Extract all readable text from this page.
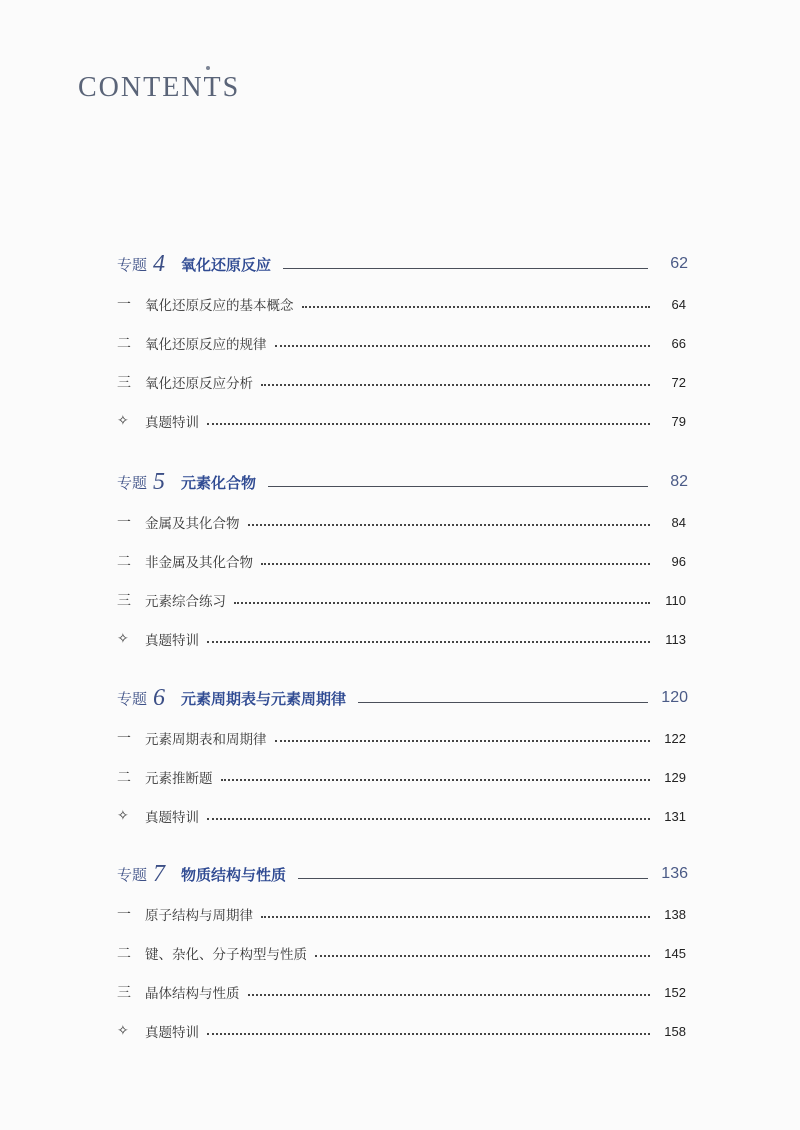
CONTENTS
专题 4 氧化还原反应	62
一	氧化还原反应的基本概念	64
二	氧化还原反应的规律	66
三	氧化还原反应分析	72
✧	真题特训	79
专题 5 元素化合物	82
一	金属及其化合物	84
二	非金属及其化合物	96
三	元素综合练习	110
✧	真题特训	113
专题 6 元素周期表与元素周期律	120
一	元素周期表和周期律	122
二	元素推断题	129
✧	真题特训	131
专题 7 物质结构与性质	136
一	原子结构与周期律	138
二	键、杂化、分子构型与性质	145
三	晶体结构与性质	152
✧	真题特训	158
